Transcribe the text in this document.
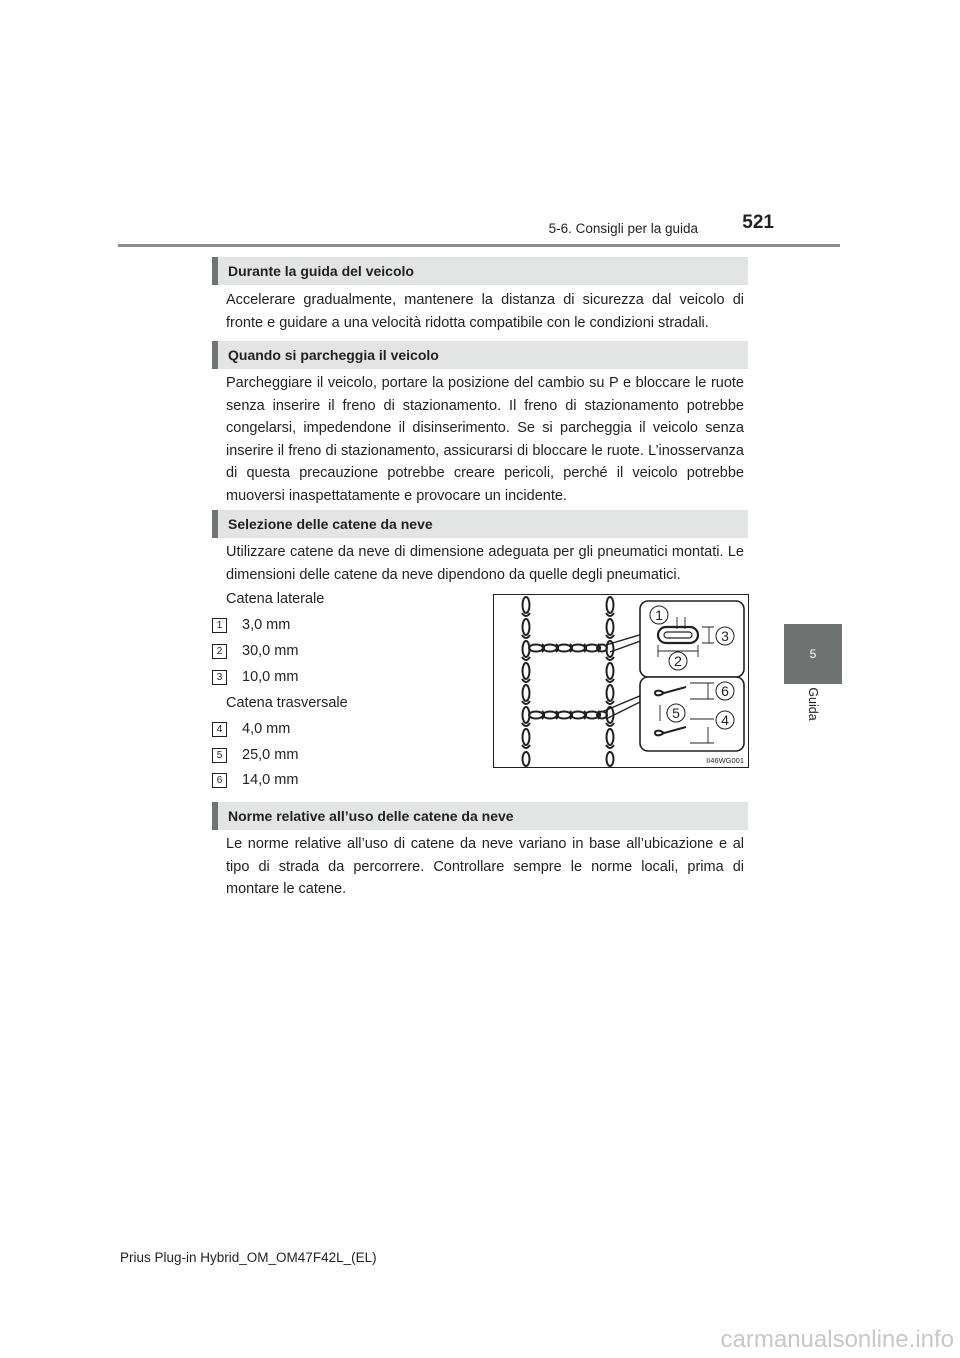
5-6. Consigli per la guida	521
5
Guida
Durante la guida del veicolo

Accelerare gradualmente, mantenere la distanza di sicurezza dal veicolo di fronte e guidare a una velocità ridotta compatibile con le condizioni stradali.

Quando si parcheggia il veicolo

Parcheggiare il veicolo, portare la posizione del cambio su P e bloccare le ruote senza inserire il freno di stazionamento. Il freno di stazionamento potrebbe congelarsi, impedendone il disinserimento. Se si parcheggia il veicolo senza inserire il freno di stazionamento, assicurarsi di bloccare le ruote. L’inosservanza di questa precauzione potrebbe creare pericoli, perché il veicolo potrebbe muoversi inaspettatamente e provocare un incidente.

Selezione delle catene da neve

Utilizzare catene da neve di dimensione adeguata per gli pneumatici montati. Le dimensioni delle catene da neve dipendono da quelle degli pneumatici.

Catena laterale
1	3,0 mm
2	30,0 mm
3	10,0 mm
Catena trasversale
4	4,0 mm
5	25,0 mm
6	14,0 mm
1
3
2
6
5	4
II46WG001
Norme relative all’uso delle catene da neve

Le norme relative all’uso di catene da neve variano in base all’ubicazione e al tipo di strada da percorrere. Controllare sempre le norme locali, prima di montare le catene.

Prius Plug-in Hybrid_OM_OM47F42L_(EL)
carmanualsonline.info
